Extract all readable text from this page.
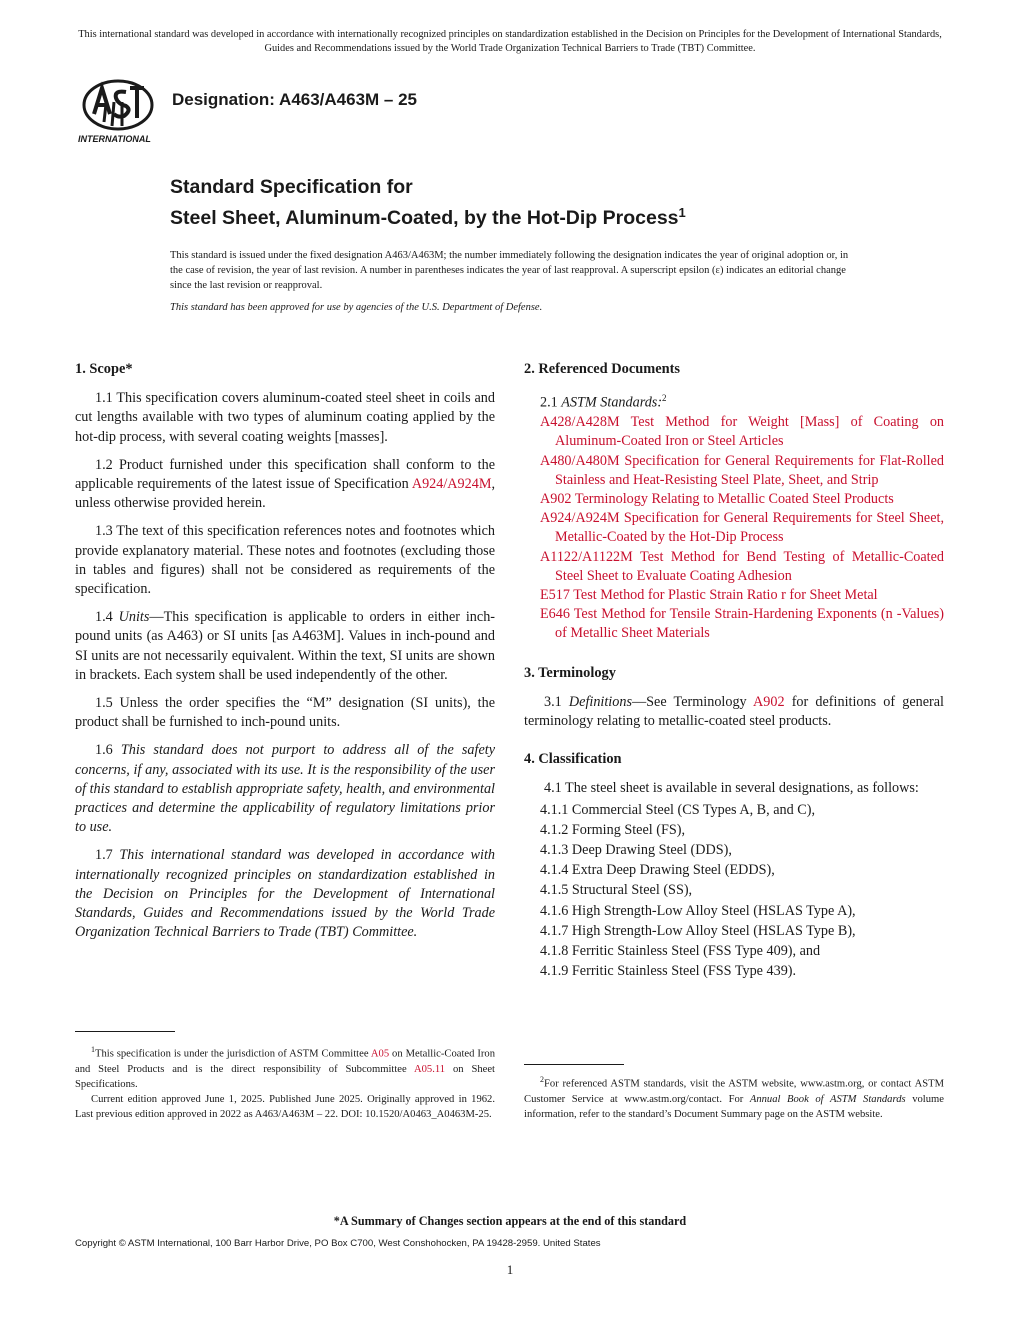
This international standard was developed in accordance with internationally recognized principles on standardization established in the Decision on Principles for the Development of International Standards, Guides and Recommendations issued by the World Trade Organization Technical Barriers to Trade (TBT) Committee.
INTERNATIONAL
Designation: A463/A463M – 25
Standard Specification for
Steel Sheet, Aluminum-Coated, by the Hot-Dip Process$^1$
This standard is issued under the fixed designation A463/A463M; the number immediately following the designation indicates the year of original adoption or, in the case of revision, the year of last revision. A number in parentheses indicates the year of last reapproval. A superscript epsilon (ε) indicates an editorial change since the last revision or reapproval.
This standard has been approved for use by agencies of the U.S. Department of Defense.
1. Scope*

1.1 This specification covers aluminum-coated steel sheet in coils and cut lengths available with two types of aluminum coating applied by the hot-dip process, with several coating weights [masses].

1.2 Product furnished under this specification shall conform to the applicable requirements of the latest issue of Specification A924/A924M, unless otherwise provided herein.

1.3 The text of this specification references notes and footnotes which provide explanatory material. These notes and footnotes (excluding those in tables and figures) shall not be considered as requirements of the specification.

1.4 Units—This specification is applicable to orders in either inch-pound units (as A463) or SI units [as A463M]. Values in inch-pound and SI units are not necessarily equivalent. Within the text, SI units are shown in brackets. Each system shall be used independently of the other.

1.5 Unless the order specifies the “M” designation (SI units), the product shall be furnished to inch-pound units.

1.6 This standard does not purport to address all of the safety concerns, if any, associated with its use. It is the responsibility of the user of this standard to establish appropriate safety, health, and environmental practices and determine the applicability of regulatory limitations prior to use.

1.7 This international standard was developed in accordance with internationally recognized principles on standardization established in the Decision on Principles for the Development of International Standards, Guides and Recommendations issued by the World Trade Organization Technical Barriers to Trade (TBT) Committee.

2. Referenced Documents
2.1 ASTM Standards:$^2$
A428/A428M Test Method for Weight [Mass] of Coating on Aluminum-Coated Iron or Steel Articles
A480/A480M Specification for General Requirements for Flat-Rolled Stainless and Heat-Resisting Steel Plate, Sheet, and Strip
A902 Terminology Relating to Metallic Coated Steel Products
A924/A924M Specification for General Requirements for Steel Sheet, Metallic-Coated by the Hot-Dip Process
A1122/A1122M Test Method for Bend Testing of Metallic-Coated Steel Sheet to Evaluate Coating Adhesion
E517 Test Method for Plastic Strain Ratio r for Sheet Metal
E646 Test Method for Tensile Strain-Hardening Exponents (n -Values) of Metallic Sheet Materials
3. Terminology

3.1 Definitions—See Terminology A902 for definitions of general terminology relating to metallic-coated steel products.

4. Classification

4.1 The steel sheet is available in several designations, as follows:

4.1.1 Commercial Steel (CS Types A, B, and C),
4.1.2 Forming Steel (FS),
4.1.3 Deep Drawing Steel (DDS),
4.1.4 Extra Deep Drawing Steel (EDDS),
4.1.5 Structural Steel (SS),
4.1.6 High Strength-Low Alloy Steel (HSLAS Type A),
4.1.7 High Strength-Low Alloy Steel (HSLAS Type B),
4.1.8 Ferritic Stainless Steel (FSS Type 409), and
4.1.9 Ferritic Stainless Steel (FSS Type 439).

$^1$This specification is under the jurisdiction of ASTM Committee A05 on Metallic-Coated Iron and Steel Products and is the direct responsibility of Subcommittee A05.11 on Sheet Specifications.

Current edition approved June 1, 2025. Published June 2025. Originally approved in 1962. Last previous edition approved in 2022 as A463/A463M – 22. DOI: 10.1520/A0463_A0463M-25.

$^2$For referenced ASTM standards, visit the ASTM website, www.astm.org, or contact ASTM Customer Service at www.astm.org/contact. For Annual Book of ASTM Standards volume information, refer to the standard’s Document Summary page on the ASTM website.

*A Summary of Changes section appears at the end of this standard
Copyright © ASTM International, 100 Barr Harbor Drive, PO Box C700, West Conshohocken, PA 19428-2959. United States
1
